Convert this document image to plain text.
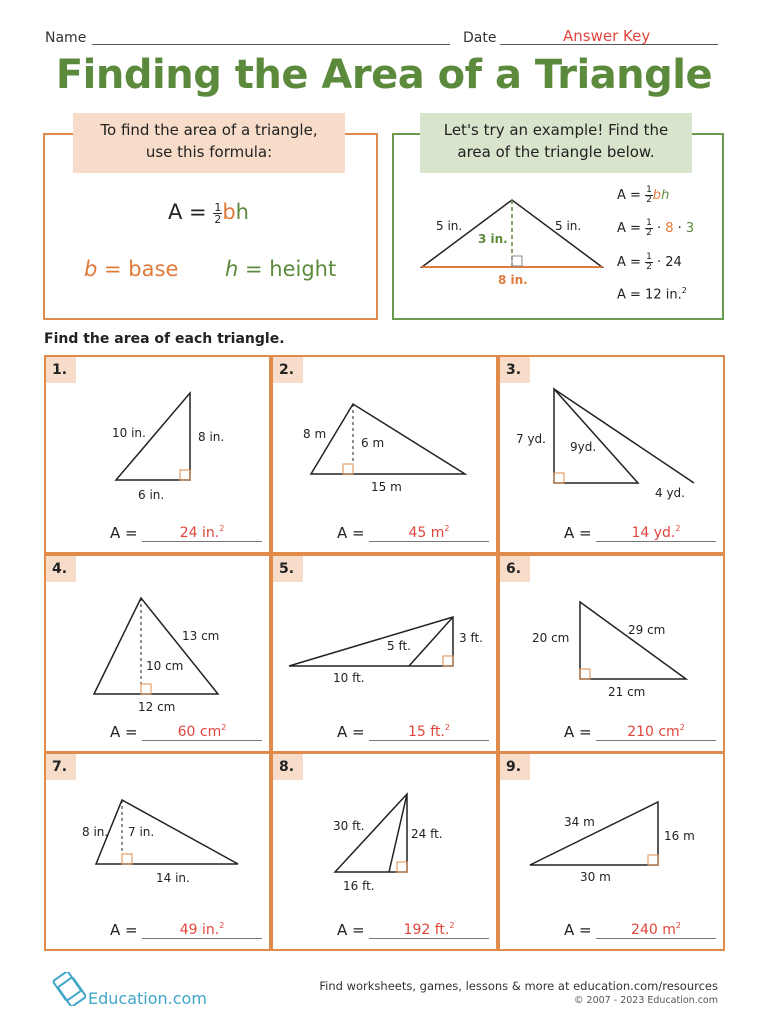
Name	Date	Answer Key
Finding the Area of a Triangle
To find the area of a triangle,
use this formula:
$A = \frac{1}{2}$ bh
b = base h = height
Let's try an example! Find the
area of the triangle below.
5 in.	5 in.
3 in.
8 in.
$A = \frac{1}{2}$ bh
$A = \frac{1}{2} \cdot 8 \cdot 3$
$A = \frac{1}{2} \cdot 24$
A = 12 in.$^2$
Find the area of each triangle.
1.
10 in.	8 in.
6 in.
A =	24 in.$^2$
2.
8 m
6 m
15 m
A =	45 $m^2$
3.
7 yd.
9yd.
4 yd.
A =	14 yd.$^2$
4.
13 cm
10 cm
12 cm
A =	60 $cm^2$
5.
5 ft.
3 ft.
10 ft.
A =	15 ft.$^2$
6.
20 cm
29 cm
21 cm
A =	210 $cm^2$
7.
8 in. 7 in.
14 in.
A =	49 in.$^2$
8.
30 ft.
24 ft.
16 ft.
A =	192 ft.$^2$
9.
34 m
16 m
30 m
A =	240 $m^2$
Education.com
Find worksheets, games, lessons & more at education.com/resources
© 2007 - 2023 Education.com
